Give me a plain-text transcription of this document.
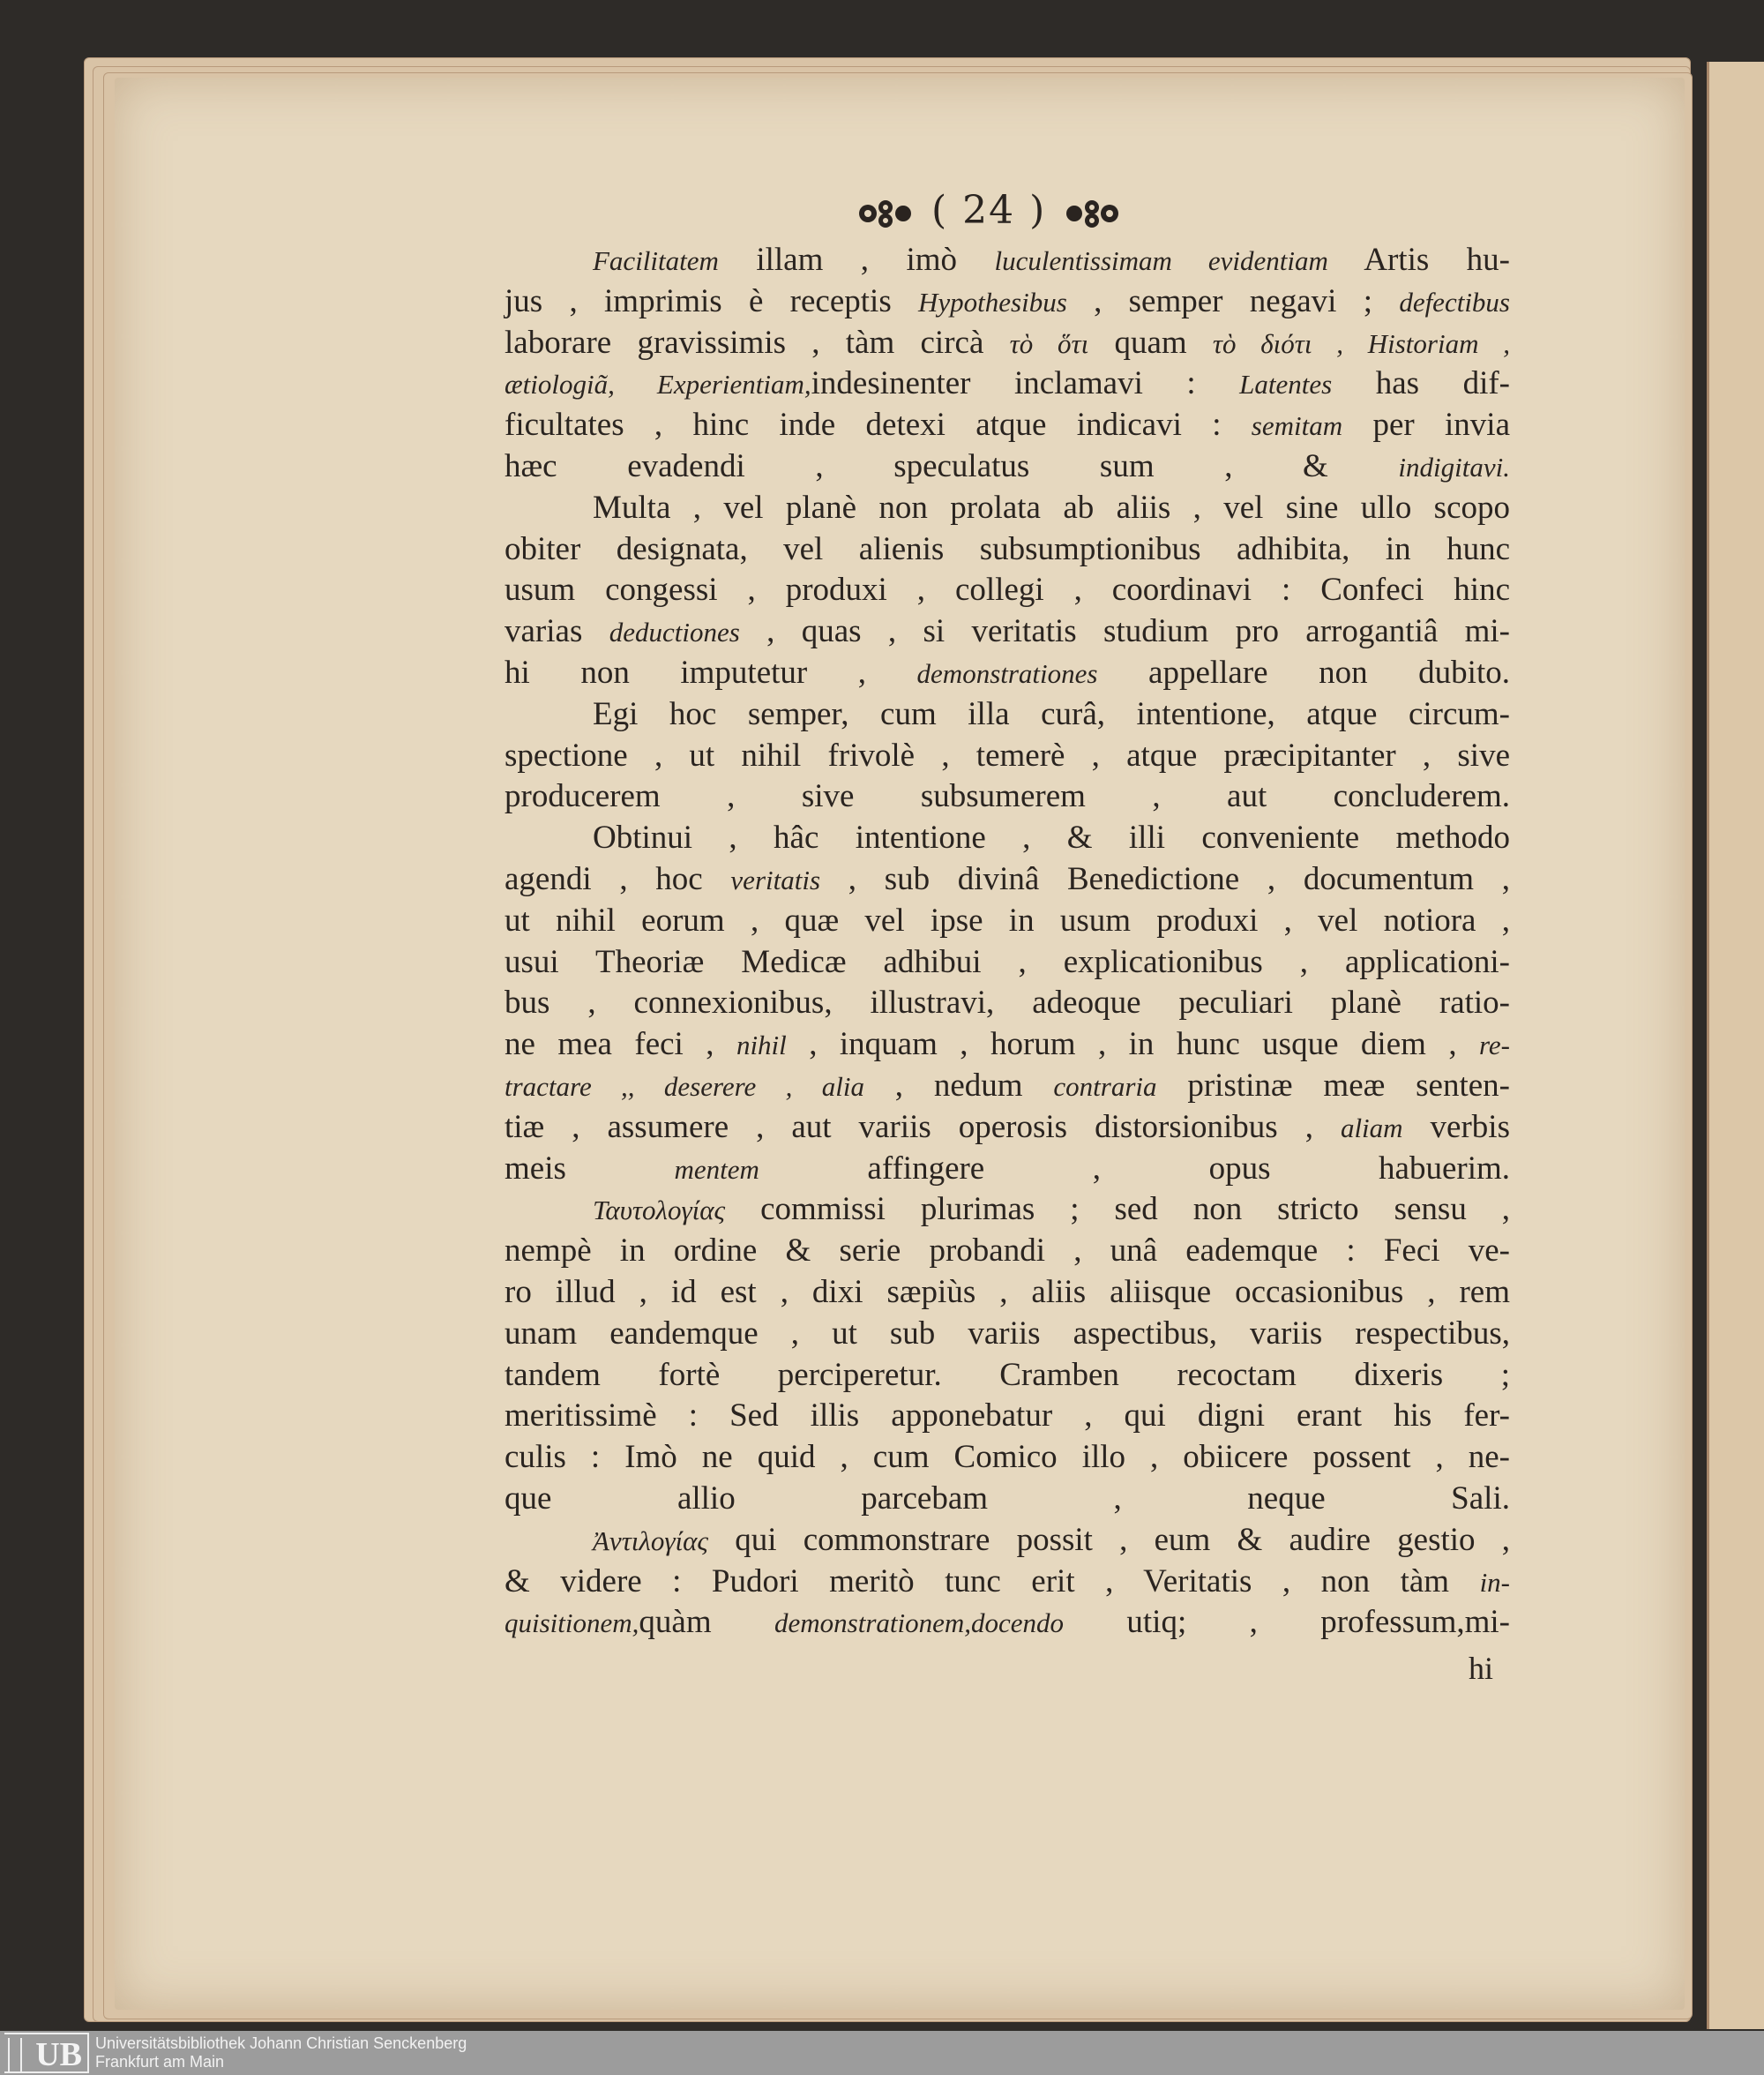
( 24 )
Facilitatem illam , imò luculentissimam evidentiam Artis hu-
jus , imprimis è receptis Hypothesibus , semper negavi ; defectibus
laborare gravissimis , tàm circà τὸ ὅτι quam τὸ διότι , Historiam ,
ætiologiã, Experientiam,indesinenter inclamavi : Latentes has dif-
ficultates , hinc inde detexi atque indicavi : semitam per invia
hæc evadendi , speculatus sum , & indigitavi.
Multa , vel planè non prolata ab aliis , vel sine ullo scopo
obiter designata, vel alienis subsumptionibus adhibita, in hunc
usum congessi , produxi , collegi , coordinavi : Confeci hinc
varias deductiones , quas , si veritatis studium pro arrogantiâ mi-
hi non imputetur , demonstrationes appellare non dubito.
Egi hoc semper, cum illa curâ, intentione, atque circum-
spectione , ut nihil frivolè , temerè , atque præcipitanter , sive
producerem , sive subsumerem , aut concluderem.
Obtinui , hâc intentione , & illi conveniente methodo
agendi , hoc veritatis , sub divinâ Benedictione , documentum ,
ut nihil eorum , quæ vel ipse in usum produxi , vel notiora ,
usui Theoriæ Medicæ adhibui , explicationibus , applicationi-
bus , connexionibus, illustravi, adeoque peculiari planè ratio-
ne mea feci , nihil , inquam , horum , in hunc usque diem , re-
tractare ,, deserere , alia , nedum contraria pristinæ meæ senten-
tiæ , assumere , aut variis operosis distorsionibus , aliam verbis
meis mentem affingere , opus habuerim.
Ταυτολογίας commissi plurimas ; sed non stricto sensu ,
nempè in ordine & serie probandi , unâ eademque : Feci ve-
ro illud , id est , dixi sæpiùs , aliis aliisque occasionibus , rem
unam eandemque , ut sub variis aspectibus, variis respectibus,
tandem fortè perciperetur. Cramben recoctam dixeris ;
meritissimè : Sed illis apponebatur , qui digni erant his fer-
culis : Imò ne quid , cum Comico illo , obiicere possent , ne-
que allio parcebam , neque Sali.
Ἀντιλογίας qui commonstrare possit , eum & audire gestio ,
& videre : Pudori meritò tunc erit , Veritatis , non tàm in-
quisitionem,quàm demonstrationem,docendo utiq; , professum,mi-
hi
UB Universitätsbibliothek Johann Christian Senckenberg
Frankfurt am Main
